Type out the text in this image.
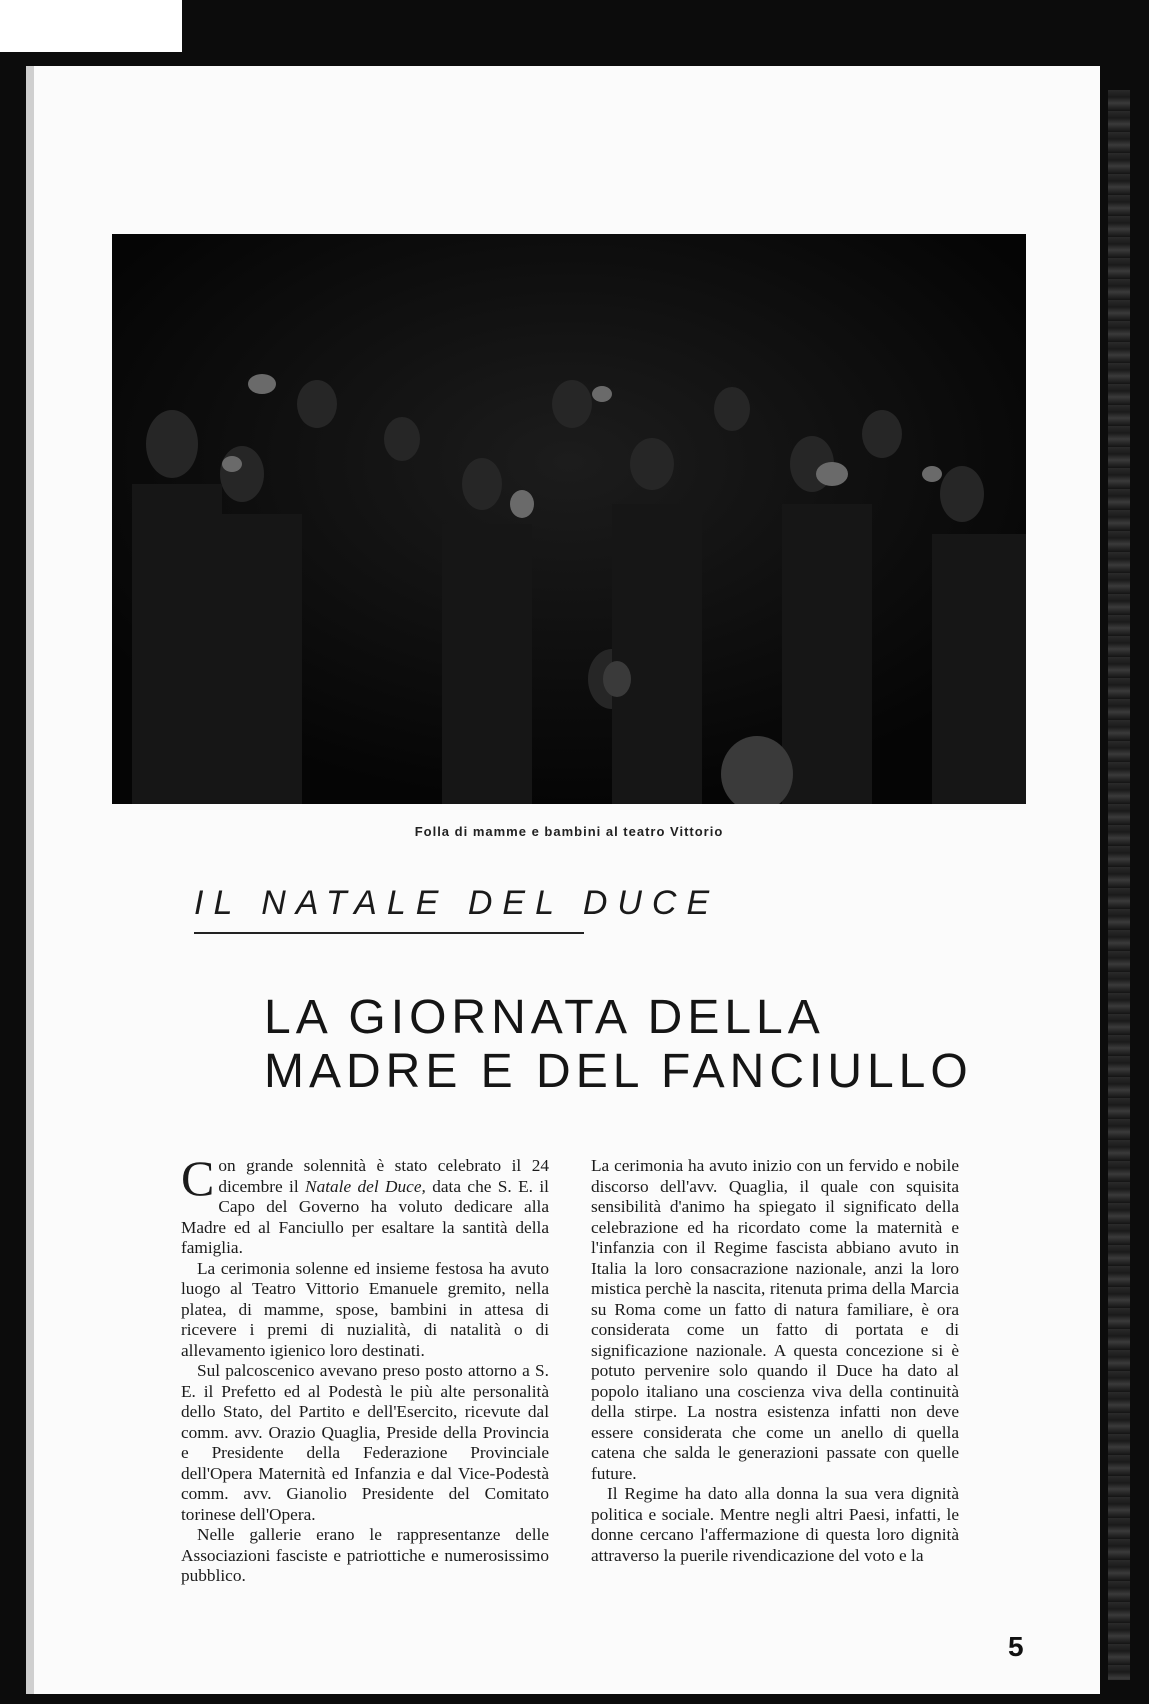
Folla di mamme e bambini al teatro Vittorio
IL NATALE DEL DUCE
LA GIORNATA DELLA
MADRE E DEL FANCIULLO

Con grande solennità è stato celebrato il 24 dicembre il Natale del Duce, data che S. E. il Capo del Governo ha voluto dedicare alla Madre ed al Fanciullo per esaltare la santità della famiglia.

La cerimonia solenne ed insieme festosa ha avuto luogo al Teatro Vittorio Emanuele gremito, nella platea, di mamme, spose, bambini in attesa di ricevere i premi di nuzialità, di natalità o di allevamento igienico loro destinati.

Sul palcoscenico avevano preso posto attorno a S. E. il Prefetto ed al Podestà le più alte personalità dello Stato, del Partito e dell'Esercito, ricevute dal comm. avv. Orazio Quaglia, Preside della Provincia e Presidente della Federazione Provinciale dell'Opera Maternità ed Infanzia e dal Vice-Podestà comm. avv. Gianolio Presidente del Comitato torinese dell'Opera.

Nelle gallerie erano le rappresentanze delle Associazioni fasciste e patriottiche e numerosissimo pubblico.

La cerimonia ha avuto inizio con un fervido e nobile discorso dell'avv. Quaglia, il quale con squisita sensibilità d'animo ha spiegato il significato della celebrazione ed ha ricordato come la maternità e l'infanzia con il Regime fascista abbiano avuto in Italia la loro consacrazione nazionale, anzi la loro mistica perchè la nascita, ritenuta prima della Marcia su Roma come un fatto di natura familiare, è ora considerata come un fatto di portata e di significazione nazionale. A questa concezione si è potuto pervenire solo quando il Duce ha dato al popolo italiano una coscienza viva della continuità della stirpe. La nostra esistenza infatti non deve essere considerata che come un anello di quella catena che salda le generazioni passate con quelle future.

Il Regime ha dato alla donna la sua vera dignità politica e sociale. Mentre negli altri Paesi, infatti, le donne cercano l'affermazione di questa loro dignità attraverso la puerile rivendicazione del voto e la

5
